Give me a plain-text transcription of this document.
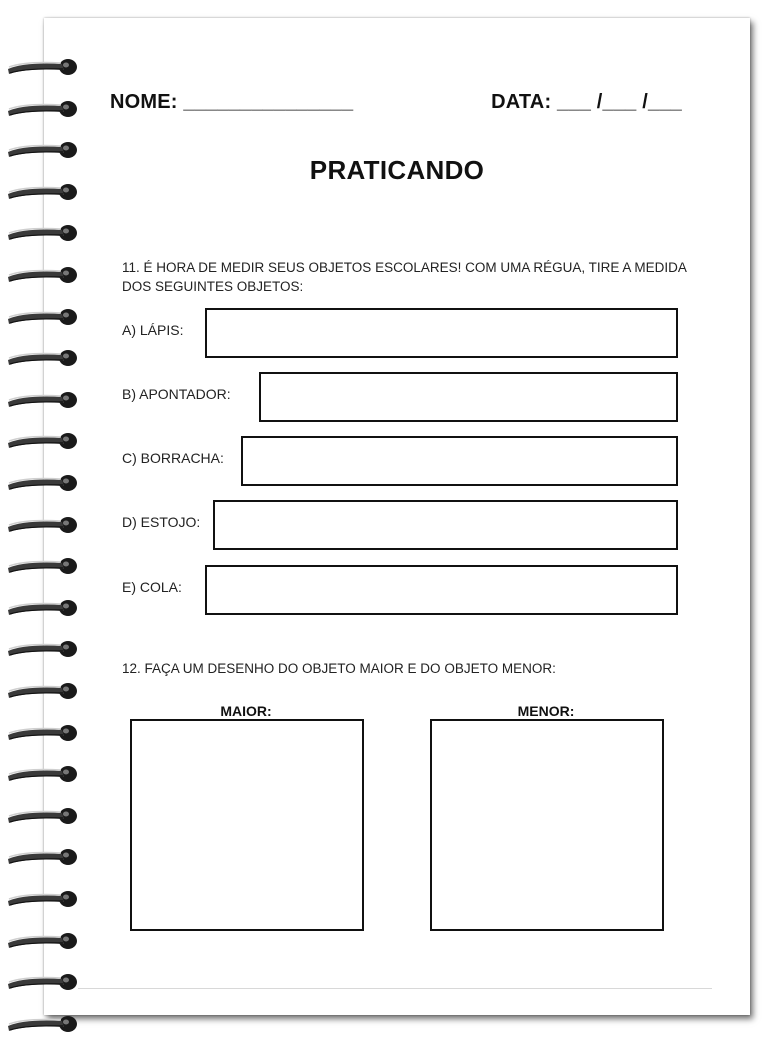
NOME: _______________	DATA: ___ /___ /___
PRATICANDO
11. É HORA DE MEDIR SEUS OBJETOS ESCOLARES! COM UMA RÉGUA, TIRE A MEDIDA DOS SEGUINTES OBJETOS:
A) LÁPIS:
B) APONTADOR:
C) BORRACHA:
D) ESTOJO:
E) COLA:
12. FAÇA UM DESENHO DO OBJETO MAIOR E DO OBJETO MENOR:
MAIOR:	MENOR:
